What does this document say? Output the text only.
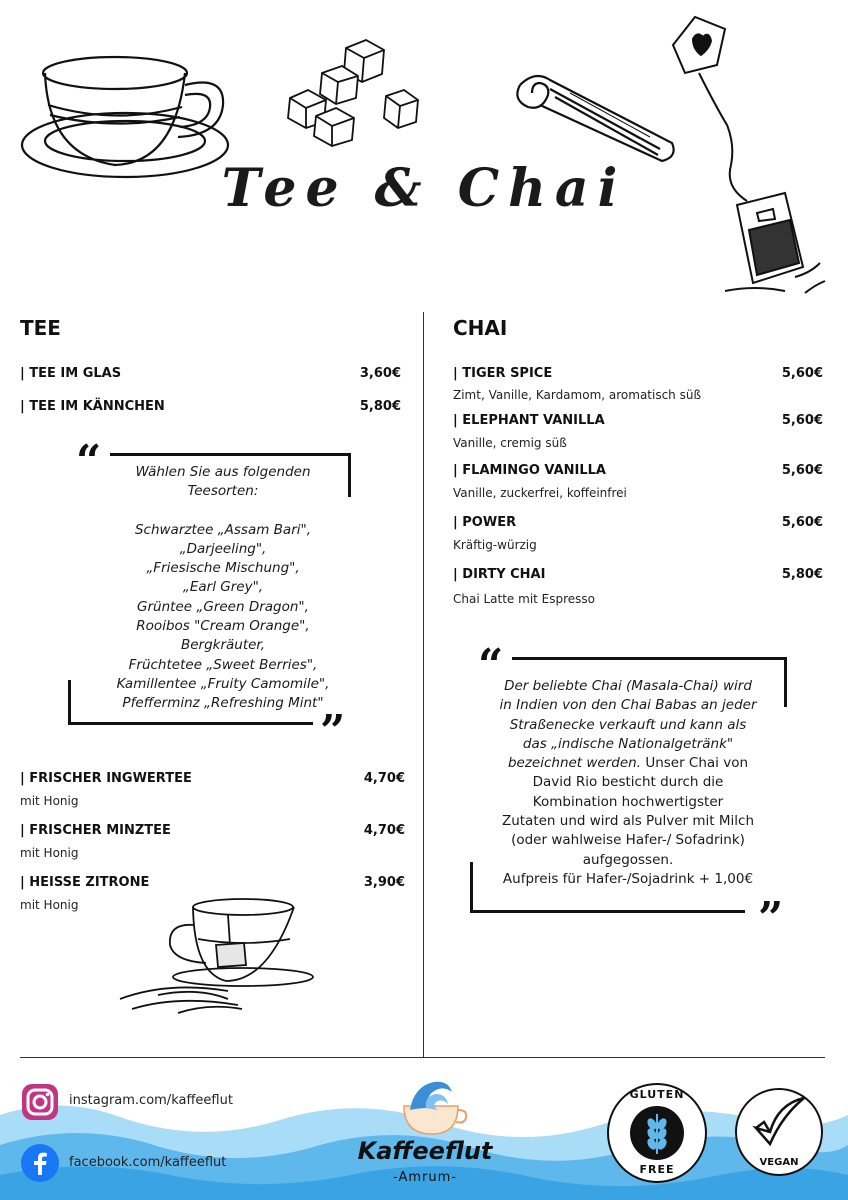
Tee & Chai
TEE
| TEE IM GLAS	3,60€
| TEE IM KÄNNCHEN	5,80€
“
”
Wählen Sie aus folgenden
Teesorten:
Schwarztee „Assam Bari",
„Darjeeling",
„Friesische Mischung",
„Earl Grey",
Grüntee „Green Dragon",
Rooibos "Cream Orange",
Bergkräuter,
Früchtetee „Sweet Berries",
Kamillentee „Fruity Camomile",
Pfefferminz „Refreshing Mint"
| FRISCHER INGWERTEE	4,70€
mit Honig
| FRISCHER MINZTEE	4,70€
mit Honig
| HEISSE ZITRONE	3,90€
mit Honig
CHAI
| TIGER SPICE	5,60€
Zimt, Vanille, Kardamom, aromatisch süß
| ELEPHANT VANILLA	5,60€
Vanille, cremig süß
| FLAMINGO VANILLA	5,60€
Vanille, zuckerfrei, koffeinfrei
| POWER	5,60€
Kräftig-würzig
| DIRTY CHAI	5,80€
Chai Latte mit Espresso
“
”
Der beliebte Chai (Masala-Chai) wird
in Indien von den Chai Babas an jeder
Straßenecke verkauft und kann als
das „indische Nationalgetränk"
bezeichnet werden. Unser Chai von
David Rio besticht durch die
Kombination hochwertigster
Zutaten und wird als Pulver mit Milch
(oder wahlweise Hafer-/ Sofadrink)
aufgegossen.
Aufpreis für Hafer-/Sojadrink + 1,00€
instagram.com/kaffeeflut
facebook.com/kaffeeflut	Kaffeeflut
-Amrum-
GLUTEN
FREE
VEGAN
